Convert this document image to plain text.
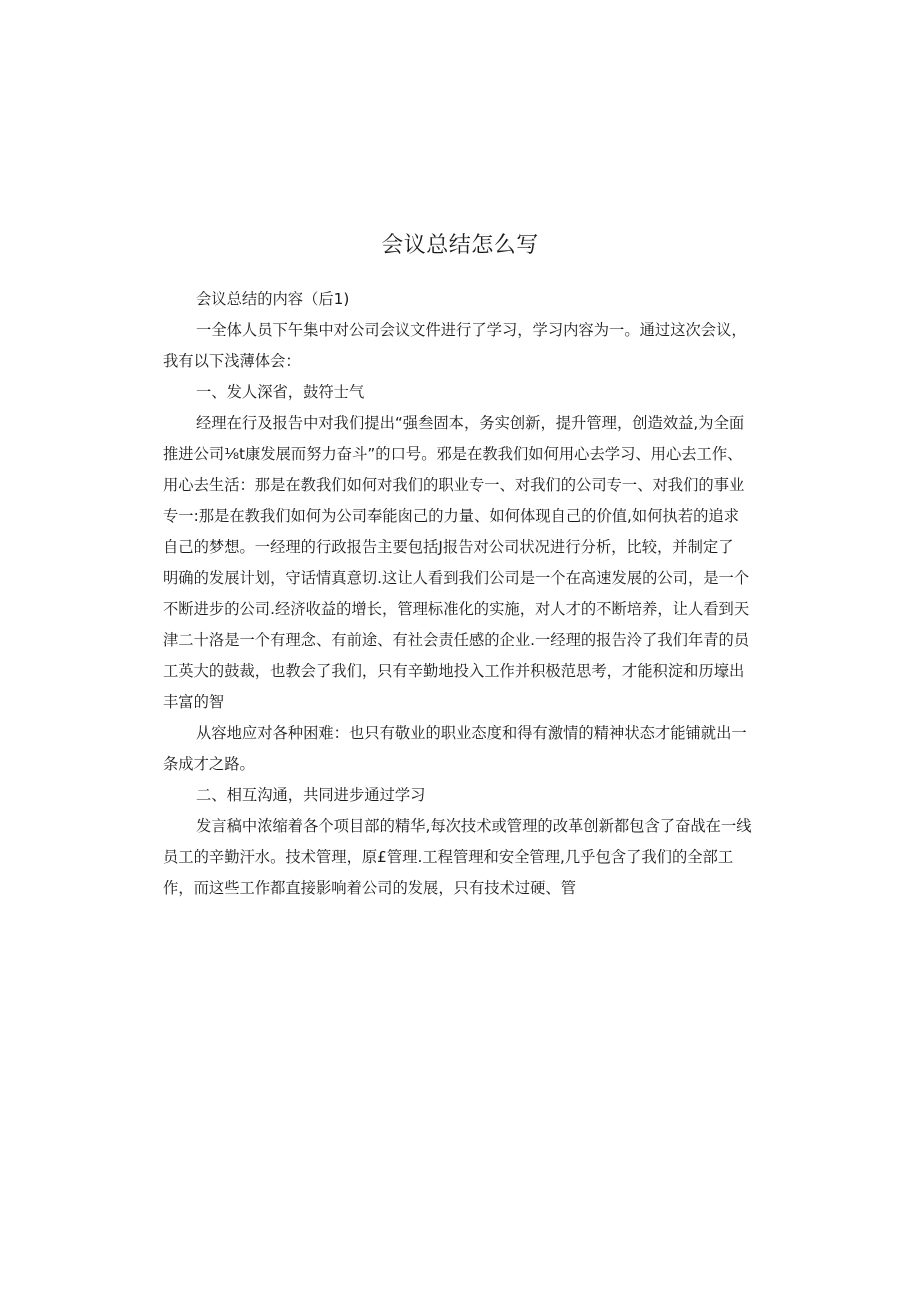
会议总结怎么写

会议总结的内容（后1)

一全体人员下午集中对公司会议文件进行了学习，学习内容为一。通过这次会议，
我有以下浅薄体会：

一、发人深省，鼓符士气

经理在行及报告中对我们提出“强叁固本，务实创新，提升管理，创造效益,为全面
推进公司⅛t康发展而努力奋斗”的口号。邪是在教我们如何用心去学习、用心去工作、
用心去生活：那是在教我们如何对我们的职业专一、对我们的公司专一、对我们的事业
专一:那是在教我们如何为公司奉能囱己的力量、如何体现自己的价值,如何执若的追求
自己的梦想。一经理的行政报告主要包括J报告对公司状况进行分析，比较，并制定了
明确的发展计划，守话情真意切.这让人看到我们公司是一个在高速发展的公司，是一个
不断进步的公司.经济收益的增长，管理标准化的实施，对人才的不断培养，让人看到天
津二十洛是一个有理念、有前途、有社会责任感的企业.一经理的报告泠了我们年青的员
工英大的鼓裁，也教会了我们，只有辛勤地投入工作并积极范思考，才能积淀和历壕出
丰富的智

从容地应对各种困难：也只有敬业的职业态度和得有激情的精神状态才能铺就出一
条成才之路。

二、相互沟通，共同进步通过学习

发言稿中浓缩着各个项目部的精华,每次技术或管理的改革创新都包含了奋战在一线
员工的辛勤汗水。技术管理，原£管理.工程管理和安全管理,几乎包含了我们的全部工
作，而这些工作都直接影响着公司的发展，只有技术过硬、管
